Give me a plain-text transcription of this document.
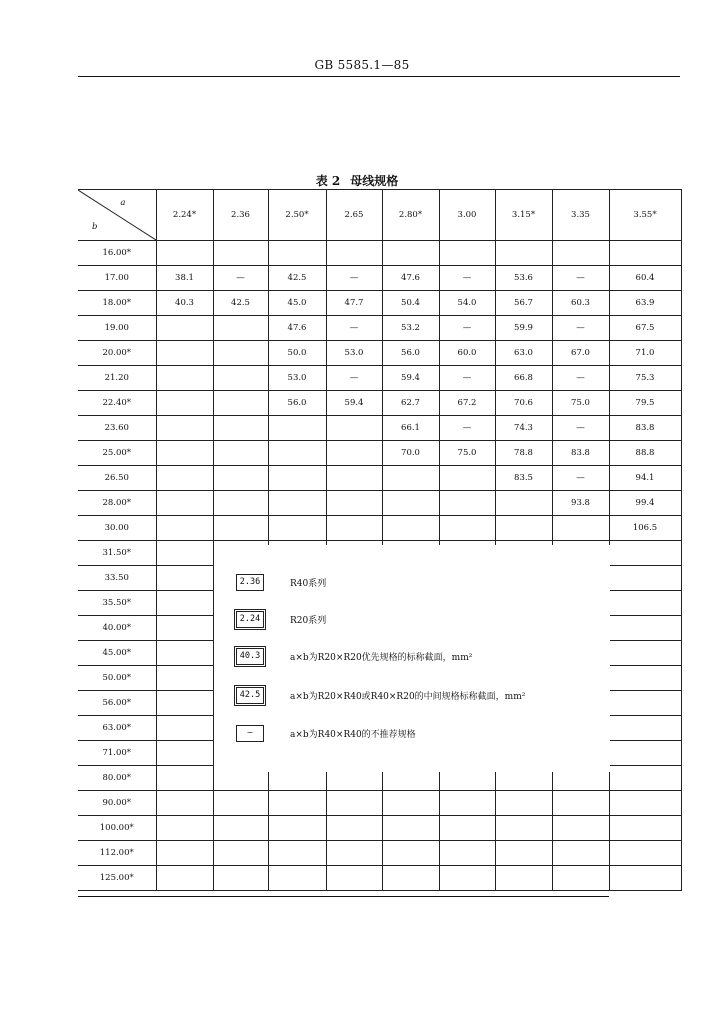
GB 5585.1—85
表 2 母线规格
a
b	2.24*	2.36	2.50*	2.65	2.80*	3.00	3.15*	3.35	3.55*
16.00*									
17.00	38.1	—	42.5	—	47.6	—	53.6	—	60.4
18.00*	40.3	42.5	45.0	47.7	50.4	54.0	56.7	60.3	63.9
19.00			47.6	—	53.2	—	59.9	—	67.5
20.00*			50.0	53.0	56.0	60.0	63.0	67.0	71.0
21.20			53.0	—	59.4	—	66.8	—	75.3
22.40*			56.0	59.4	62.7	67.2	70.6	75.0	79.5
23.60					66.1	—	74.3	—	83.8
25.00*					70.0	75.0	78.8	83.8	88.8
26.50							83.5	—	94.1
28.00*								93.8	99.4
30.00									106.5
31.50*									
33.50									
35.50*									
40.00*									
45.00*									
50.00*									
56.00*									
63.00*									
71.00*									
80.00*									
90.00*									
100.00*									
112.00*									
125.00*									
2.36	R40系列
2.24	R20系列
40.3	a×b为R20×R20优先规格的标称截面，mm²
42.5	a×b为R20×R40或R40×R20的中间规格标称截面，mm²
—	a×b为R40×R40的不推荐规格
